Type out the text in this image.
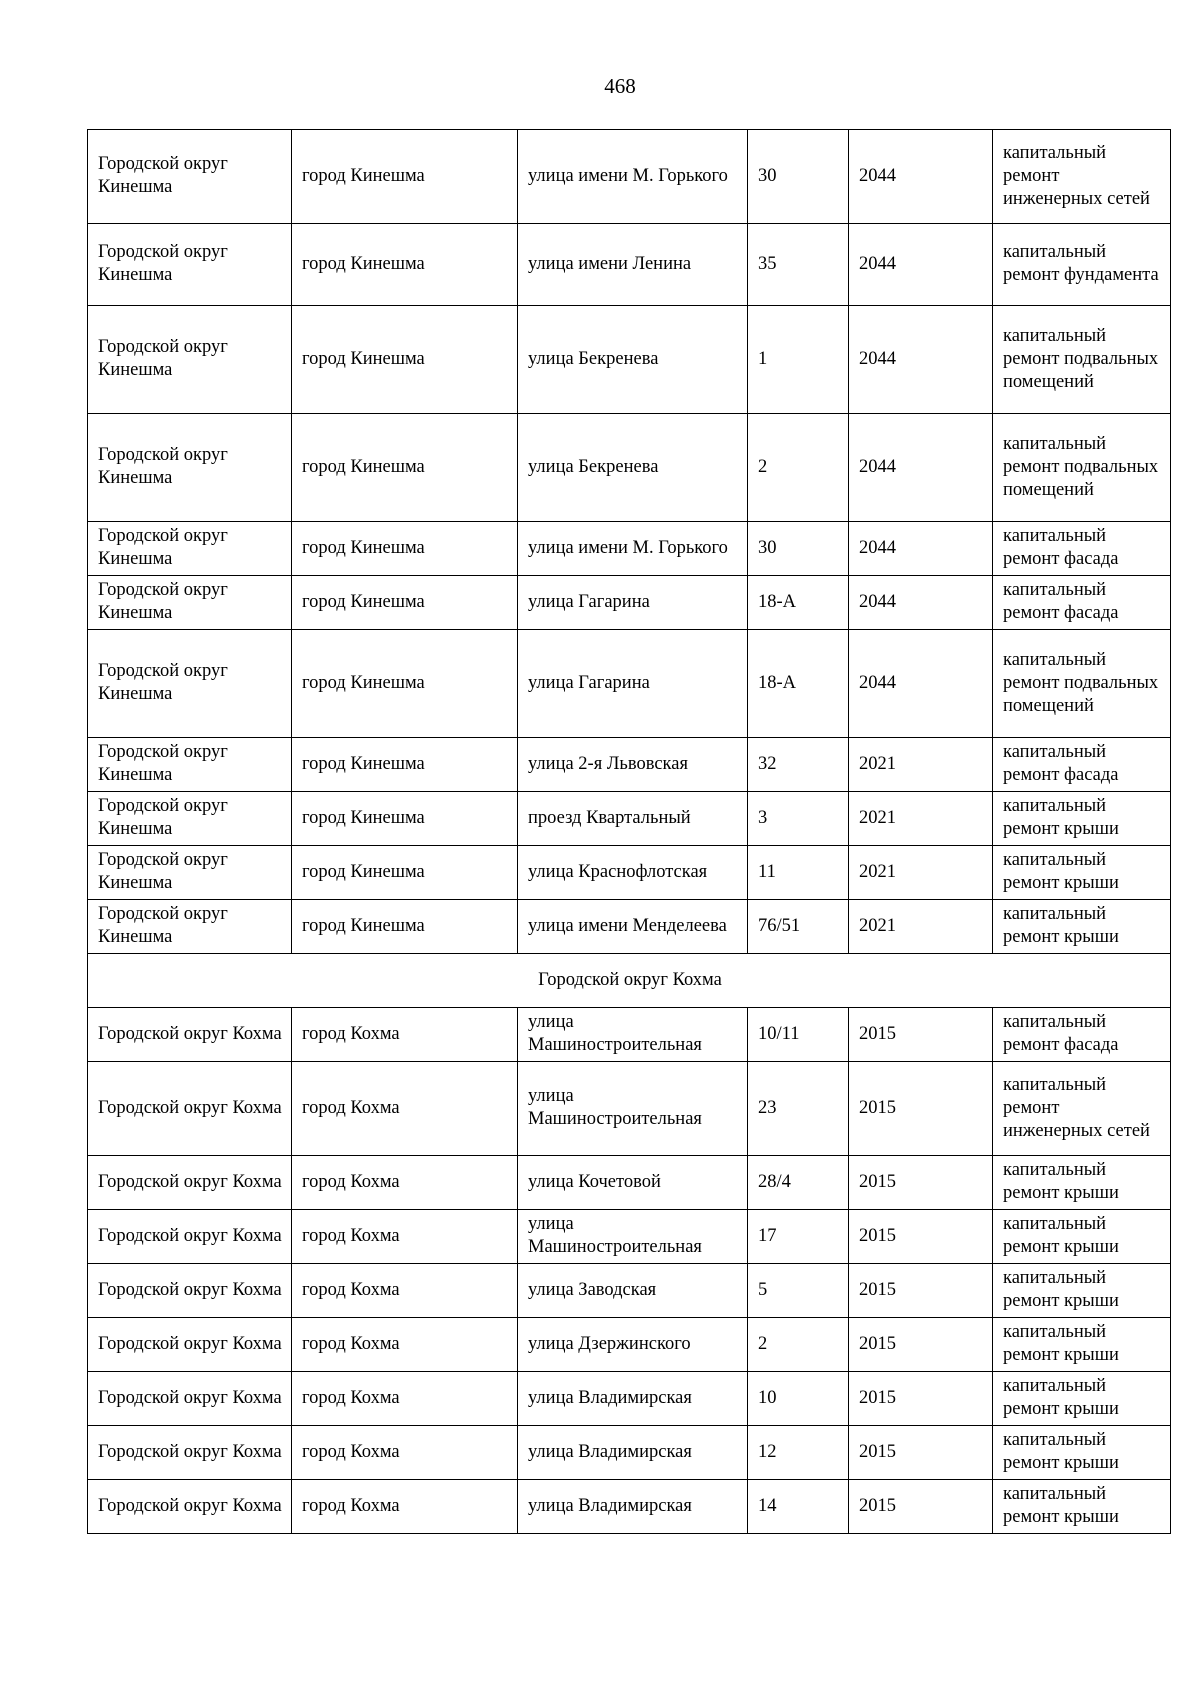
468
Городской округ Кинешма	город Кинешма	улица имени М. Горького	30	2044	капитальный ремонт инженерных сетей
Городской округ Кинешма	город Кинешма	улица имени Ленина	35	2044	капитальный ремонт фундамента
Городской округ Кинешма	город Кинешма	улица Бекренева	1	2044	капитальный ремонт подвальных помещений
Городской округ Кинешма	город Кинешма	улица Бекренева	2	2044	капитальный ремонт подвальных помещений
Городской округ Кинешма	город Кинешма	улица имени М. Горького	30	2044	капитальный ремонт фасада
Городской округ Кинешма	город Кинешма	улица Гагарина	18-А	2044	капитальный ремонт фасада
Городской округ Кинешма	город Кинешма	улица Гагарина	18-А	2044	капитальный ремонт подвальных помещений
Городской округ Кинешма	город Кинешма	улица 2-я Львовская	32	2021	капитальный ремонт фасада
Городской округ Кинешма	город Кинешма	проезд Квартальный	3	2021	капитальный ремонт крыши
Городской округ Кинешма	город Кинешма	улица Краснофлотская	11	2021	капитальный ремонт крыши
Городской округ Кинешма	город Кинешма	улица имени Менделеева	76/51	2021	капитальный ремонт крыши
Городской округ Кохма					
Городской округ Кохма	город Кохма	улица Машиностроительная	10/11	2015	капитальный ремонт фасада
Городской округ Кохма	город Кохма	улица Машиностроительная	23	2015	капитальный ремонт инженерных сетей
Городской округ Кохма	город Кохма	улица Кочетовой	28/4	2015	капитальный ремонт крыши
Городской округ Кохма	город Кохма	улица Машиностроительная	17	2015	капитальный ремонт крыши
Городской округ Кохма	город Кохма	улица Заводская	5	2015	капитальный ремонт крыши
Городской округ Кохма	город Кохма	улица Дзержинского	2	2015	капитальный ремонт крыши
Городской округ Кохма	город Кохма	улица Владимирская	10	2015	капитальный ремонт крыши
Городской округ Кохма	город Кохма	улица Владимирская	12	2015	капитальный ремонт крыши
Городской округ Кохма	город Кохма	улица Владимирская	14	2015	капитальный ремонт крыши
